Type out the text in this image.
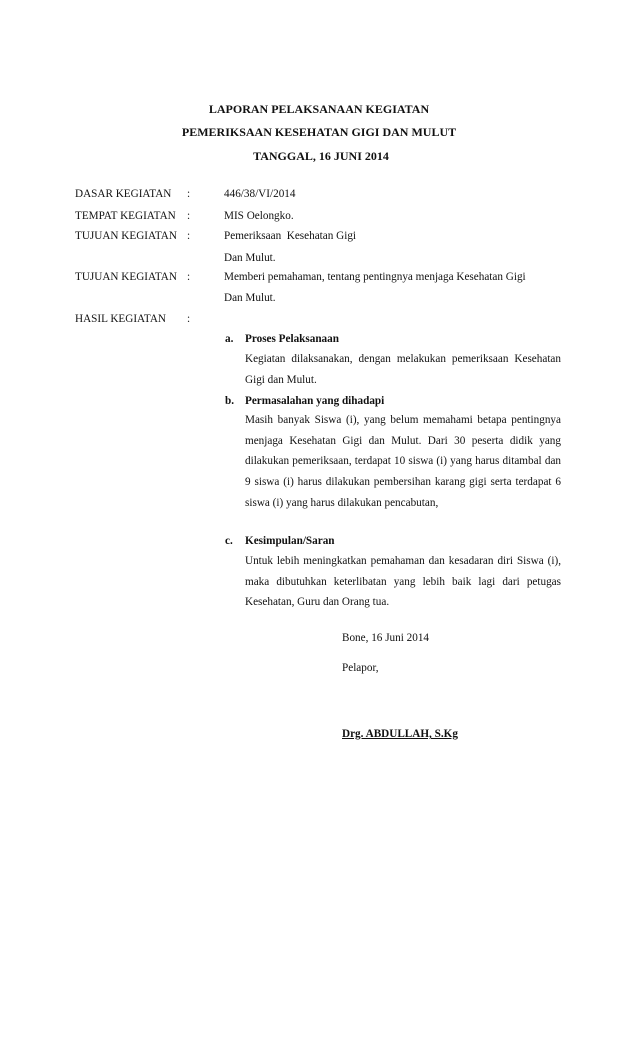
LAPORAN PELAKSANAAN KEGIATAN
PEMERIKSAAN KESEHATAN GIGI DAN MULUT
TANGGAL, 16 JUNI 2014
DASAR KEGIATAN :	446/38/VI/2014
TEMPAT KEGIATAN :	MIS Oelongko.
TUJUAN KEGIATAN :	Pemeriksaan  Kesehatan Gigi
Dan Mulut.
TUJUAN KEGIATAN :	Memberi pemahaman, tentang pentingnya menjaga Kesehatan Gigi
Dan Mulut.
HASIL KEGIATAN :
a. Proses Pelaksanaan
Kegiatan dilaksanakan, dengan melakukan pemeriksaan Kesehatan Gigi dan Mulut.
b. Permasalahan yang dihadapi
Masih banyak Siswa (i), yang belum memahami betapa pentingnya menjaga Kesehatan Gigi dan Mulut. Dari 30 peserta didik yang dilakukan pemeriksaan, terdapat 10 siswa (i) yang harus ditambal dan 9 siswa (i) harus dilakukan pembersihan karang gigi serta terdapat 6 siswa (i) yang harus dilakukan pencabutan,
c. Kesimpulan/Saran
Untuk lebih meningkatkan pemahaman dan kesadaran diri Siswa (i), maka dibutuhkan keterlibatan yang lebih baik lagi dari petugas Kesehatan, Guru dan Orang tua.
Bone, 16 Juni 2014
Pelapor,
Drg. ABDULLAH, S.Kg
